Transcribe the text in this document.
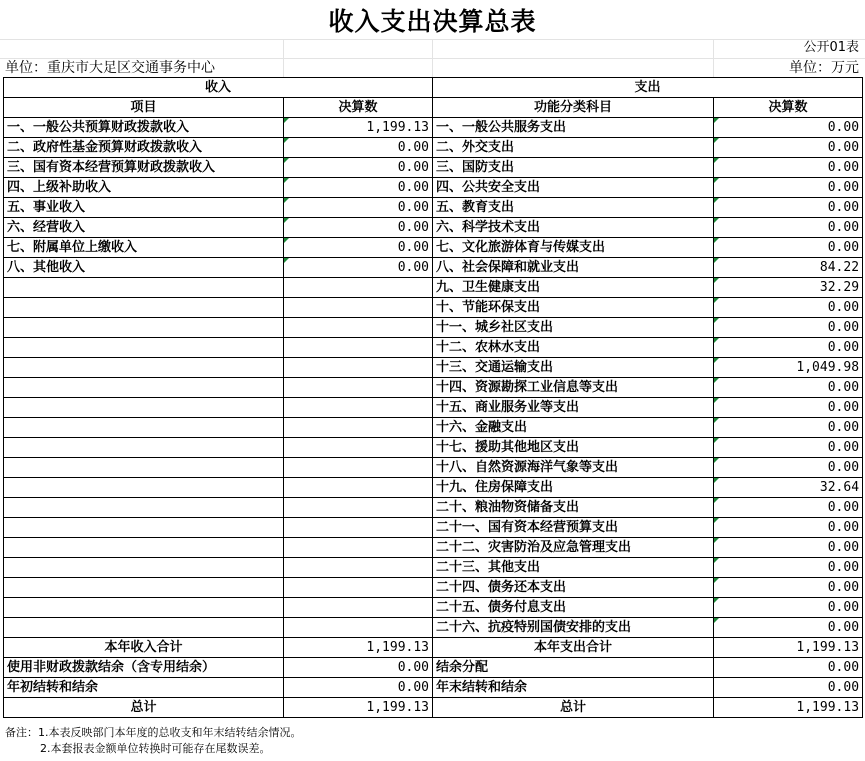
收入支出决算总表
公开01表
单位：重庆市大足区交通事务中心	单位：万元
收入		支出	
项目	决算数	功能分类科目	决算数
一、一般公共预算财政拨款收入	1,199.13	一、一般公共服务支出	0.00
二、政府性基金预算财政拨款收入	0.00	二、外交支出	0.00
三、国有资本经营预算财政拨款收入	0.00	三、国防支出	0.00
四、上级补助收入	0.00	四、公共安全支出	0.00
五、事业收入	0.00	五、教育支出	0.00
六、经营收入	0.00	六、科学技术支出	0.00
七、附属单位上缴收入	0.00	七、文化旅游体育与传媒支出	0.00
八、其他收入	0.00	八、社会保障和就业支出	84.22
		九、卫生健康支出	32.29
		十、节能环保支出	0.00
		十一、城乡社区支出	0.00
		十二、农林水支出	0.00
		十三、交通运输支出	1,049.98
		十四、资源勘探工业信息等支出	0.00
		十五、商业服务业等支出	0.00
		十六、金融支出	0.00
		十七、援助其他地区支出	0.00
		十八、自然资源海洋气象等支出	0.00
		十九、住房保障支出	32.64
		二十、粮油物资储备支出	0.00
		二十一、国有资本经营预算支出	0.00
		二十二、灾害防治及应急管理支出	0.00
		二十三、其他支出	0.00
		二十四、债务还本支出	0.00
		二十五、债务付息支出	0.00
		二十六、抗疫特别国债安排的支出	0.00
本年收入合计	1,199.13	本年支出合计	1,199.13
使用非财政拨款结余（含专用结余）	0.00	结余分配	0.00
年初结转和结余	0.00	年末结转和结余	0.00
总计	1,199.13	总计	1,199.13
备注：1.本表反映部门本年度的总收支和年末结转结余情况。
2.本套报表金额单位转换时可能存在尾数误差。
